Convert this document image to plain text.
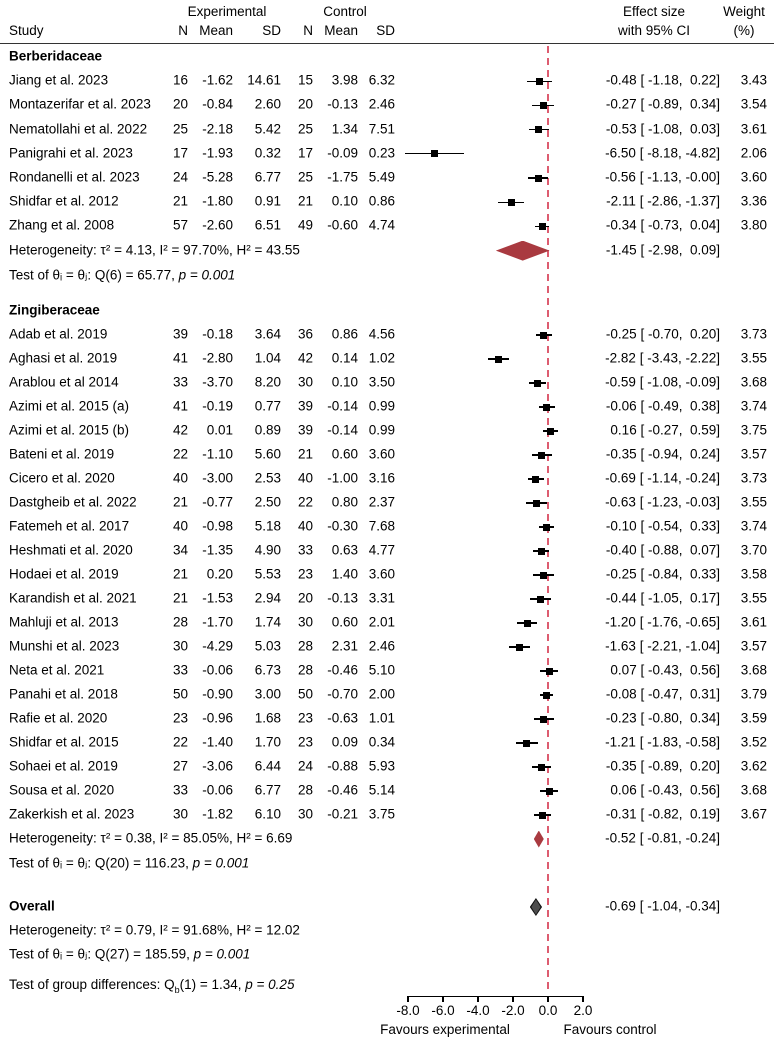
Experimental	Control	Effect size	Weight
Study	N Mean	SD	N Mean	SD	with 95% CI	(%)
Berberidaceae
Jiang et al. 2023	16	-1.62	14.61	15	3.98 6.32	-0.48 [ -1.18,  0.22]	3.43
Montazerifar et al. 2023	20	-0.84	2.60	20	-0.13 2.46	-0.27 [ -0.89,  0.34]	3.54
Nematollahi et al. 2022	25	-2.18	5.42	25	1.34 7.51	-0.53 [ -1.08,  0.03]	3.61
Panigrahi et al. 2023	17	-1.93	0.32	17	-0.09 0.23	-6.50 [ -8.18, -4.82]	2.06
Rondanelli et al. 2023	24	-5.28	6.77	25	-1.75 5.49	-0.56 [ -1.13, -0.00]	3.60
Shidfar et al. 2012	21	-1.80	0.91	21	0.10 0.86	-2.11 [ -2.86, -1.37]	3.36
Zhang et al. 2008	57	-2.60	6.51	49	-0.60 4.74	-0.34 [ -0.73,  0.04]	3.80
Heterogeneity: τ² = 4.13, I² = 97.70%, H² = 43.55	-1.45 [ -2.98,  0.09]
Test of θᵢ = θⱼ: Q(6) = 65.77, p = 0.001
Zingiberaceae
Adab et al. 2019	39	-0.18	3.64	36	0.86 4.56	-0.25 [ -0.70,  0.20]	3.73
Aghasi et al. 2019	41	-2.80	1.04	42	0.14 1.02	-2.82 [ -3.43, -2.22]	3.55
Arablou et al 2014	33	-3.70	8.20	30	0.10 3.50	-0.59 [ -1.08, -0.09]	3.68
Azimi et al. 2015 (a)	41	-0.19	0.77	39	-0.14 0.99	-0.06 [ -0.49,  0.38]	3.74
Azimi et al. 2015 (b)	42	0.01	0.89	39	-0.14 0.99	0.16 [ -0.27,  0.59]	3.75
Bateni et al. 2019	22	-1.10	5.60	21	0.60 3.60	-0.35 [ -0.94,  0.24]	3.57
Cicero et al. 2020	40	-3.00	2.53	40	-1.00 3.16	-0.69 [ -1.14, -0.24]	3.73
Dastgheib et al. 2022	21	-0.77	2.50	22	0.80 2.37	-0.63 [ -1.23, -0.03]	3.55
Fatemeh et al. 2017	40	-0.98	5.18	40	-0.30 7.68	-0.10 [ -0.54,  0.33]	3.74
Heshmati et al. 2020	34	-1.35	4.90	33	0.63 4.77	-0.40 [ -0.88,  0.07]	3.70
Hodaei et al. 2019	21	0.20	5.53	23	1.40 3.60	-0.25 [ -0.84,  0.33]	3.58
Karandish et al. 2021	21	-1.53	2.94	20	-0.13 3.31	-0.44 [ -1.05,  0.17]	3.55
Mahluji et al. 2013	28	-1.70	1.74	30	0.60 2.01	-1.20 [ -1.76, -0.65]	3.61
Munshi et al. 2023	30	-4.29	5.03	28	2.31 2.46	-1.63 [ -2.21, -1.04]	3.57
Neta et al. 2021	33	-0.06	6.73	28	-0.46 5.10	0.07 [ -0.43,  0.56]	3.68
Panahi et al. 2018	50	-0.90	3.00	50	-0.70 2.00	-0.08 [ -0.47,  0.31]	3.79
Rafie et al. 2020	23	-0.96	1.68	23	-0.63 1.01	-0.23 [ -0.80,  0.34]	3.59
Shidfar et al. 2015	22	-1.40	1.70	23	0.09 0.34	-1.21 [ -1.83, -0.58]	3.52
Sohaei et al. 2019	27	-3.06	6.44	24	-0.88 5.93	-0.35 [ -0.89,  0.20]	3.62
Sousa et al. 2020	33	-0.06	6.77	28	-0.46 5.14	0.06 [ -0.43,  0.56]	3.68
Zakerkish et al. 2023	30	-1.82	6.10	30	-0.21 3.75	-0.31 [ -0.82,  0.19]	3.67
Heterogeneity: τ² = 0.38, I² = 85.05%, H² = 6.69	-0.52 [ -0.81, -0.24]
Test of θᵢ = θⱼ: Q(20) = 116.23, p = 0.001
Overall	-0.69 [ -1.04, -0.34]
Heterogeneity: τ² = 0.79, I² = 91.68%, H² = 12.02
Test of θᵢ = θⱼ: Q(27) = 185.59, p = 0.001
Test of group differences: $Q_b(1) = 1.34$, p = 0.25
-8.0 -6.0 -4.0 -2.0	0.0	2.0
Favours experimental	Favours control
